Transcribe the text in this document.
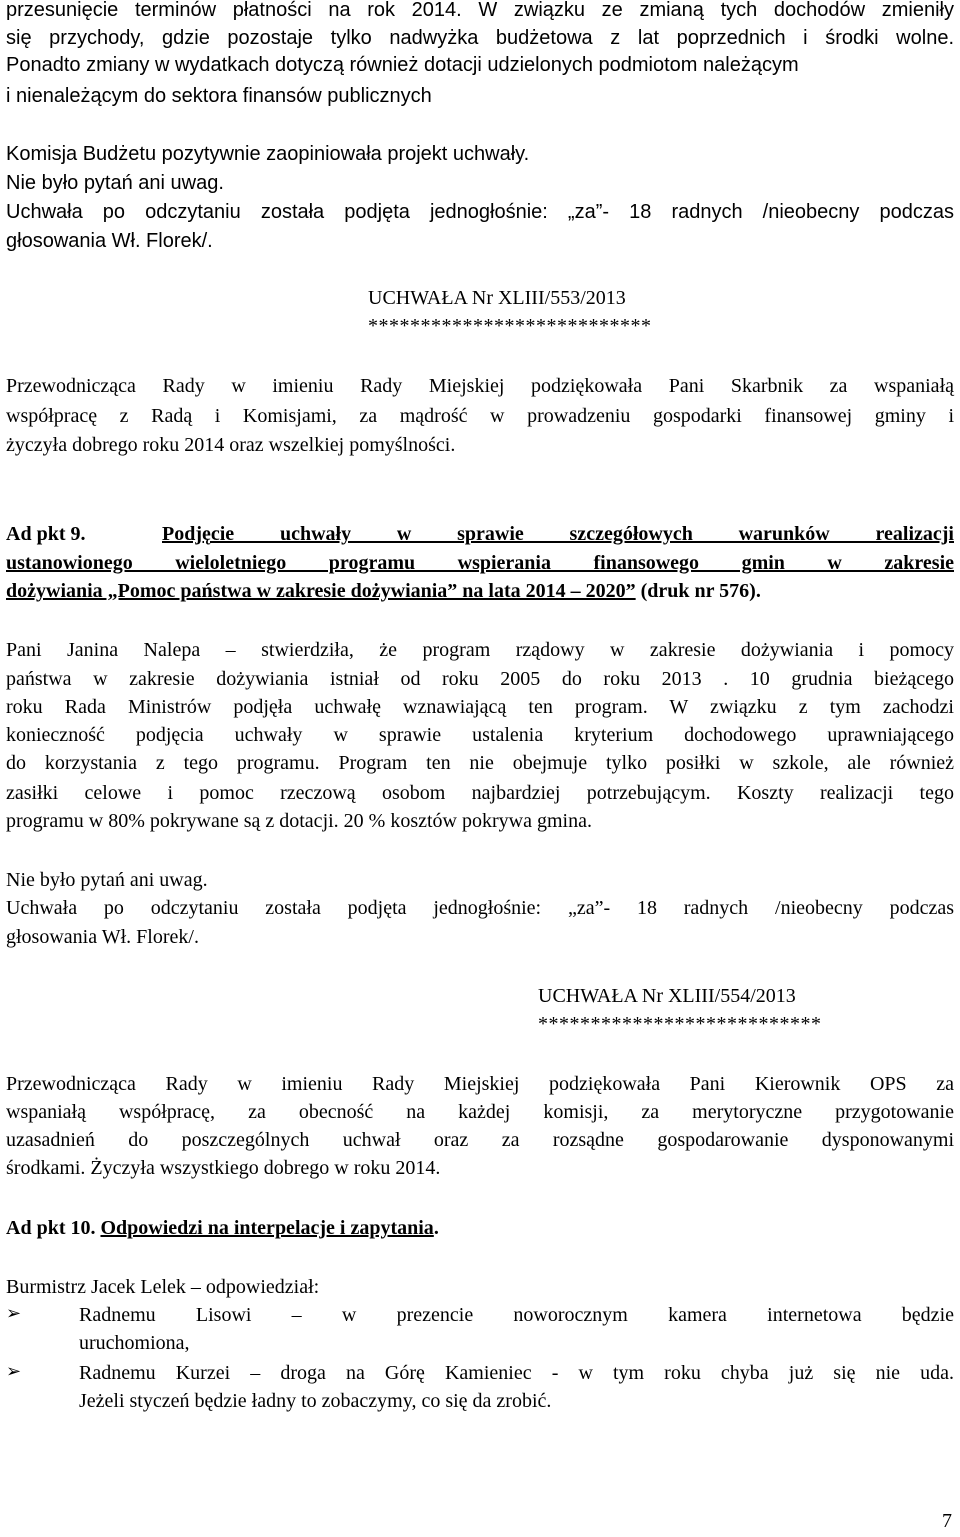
przesunięcie terminów płatności na rok 2014. W związku ze zmianą tych dochodów zmieniły
się przychody, gdzie pozostaje tylko nadwyżka budżetowa z lat poprzednich i środki wolne.
Ponadto zmiany w wydatkach dotyczą również dotacji udzielonych podmiotom należącym
i nienależącym do sektora finansów publicznych
Komisja Budżetu pozytywnie zaopiniowała projekt uchwały.
Nie było pytań ani uwag.
Uchwała po odczytaniu została podjęta jednogłośnie: „za”- 18 radnych /nieobecny podczas
głosowania Wł. Florek/.
UCHWAŁA Nr XLIII/553/2013
***************************
Przewodnicząca Rady w imieniu Rady Miejskiej podziękowała Pani Skarbnik za wspaniałą
współpracę z Radą i Komisjami, za mądrość w prowadzeniu gospodarki finansowej gminy i
życzyła dobrego roku 2014 oraz wszelkiej pomyślności.
Ad pkt 9.	Podjęcie uchwały w sprawie szczegółowych warunków realizacji
ustanowionego wieloletniego programu wspierania finansowego gmin w zakresie
dożywiania „Pomoc państwa w zakresie dożywiania” na lata 2014 – 2020” (druk nr 576).
Pani Janina Nalepa – stwierdziła, że program rządowy w zakresie dożywiania i pomocy
państwa w zakresie dożywiania istniał od roku 2005 do roku 2013 . 10 grudnia bieżącego
roku Rada Ministrów podjęła uchwałę wznawiającą ten program. W związku z tym zachodzi
konieczność podjęcia uchwały w sprawie ustalenia kryterium dochodowego uprawniającego
do korzystania z tego programu. Program ten nie obejmuje tylko posiłki w szkole, ale również
zasiłki celowe i pomoc rzeczową osobom najbardziej potrzebującym. Koszty realizacji tego
programu w 80% pokrywane są z dotacji. 20 % kosztów pokrywa gmina.
Nie było pytań ani uwag.
Uchwała po odczytaniu została podjęta jednogłośnie: „za”- 18 radnych /nieobecny podczas
głosowania Wł. Florek/.
UCHWAŁA Nr XLIII/554/2013
***************************
Przewodnicząca Rady w imieniu Rady Miejskiej podziękowała Pani Kierownik OPS za
wspaniałą współpracę, za obecność na każdej komisji, za merytoryczne przygotowanie
uzasadnień do poszczególnych uchwał oraz za rozsądne gospodarowanie dysponowanymi
środkami. Życzyła wszystkiego dobrego w roku 2014.
Ad pkt 10. Odpowiedzi na interpelacje i zapytania.
Burmistrz Jacek Lelek – odpowiedział:
➢	Radnemu Lisowi – w prezencie noworocznym kamera internetowa będzie
uruchomiona,
➢	Radnemu Kurzei – droga na Górę Kamieniec - w tym roku chyba już się nie uda.
Jeżeli styczeń będzie ładny to zobaczymy, co się da zrobić.
7
